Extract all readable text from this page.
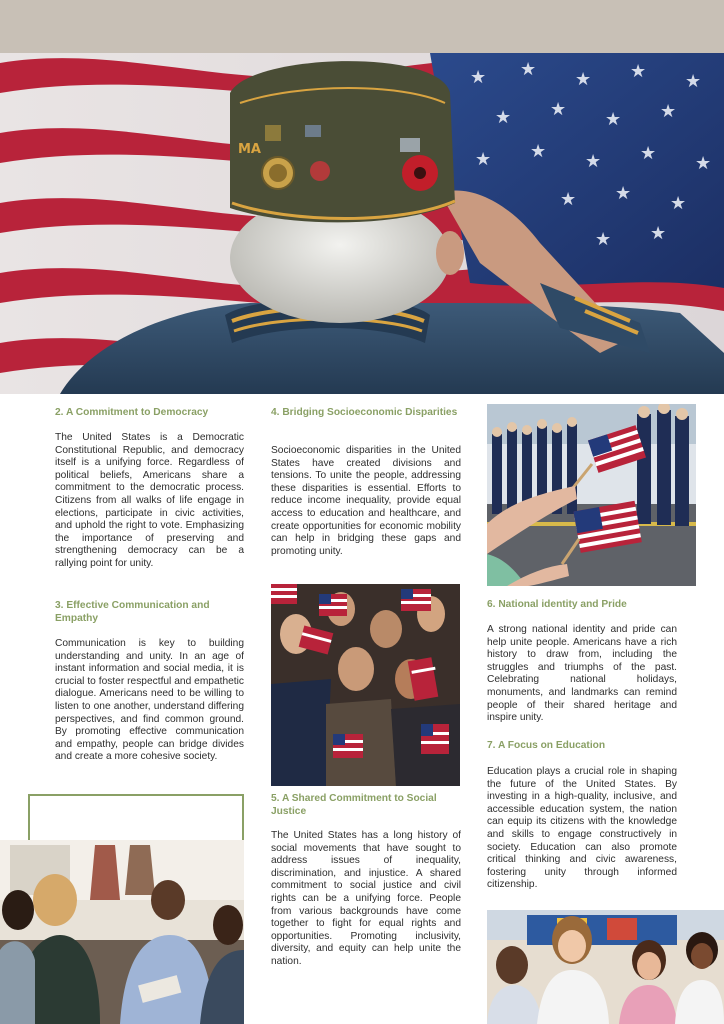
★ ★ ★ ★ ★
★ ★ ★ ★
★ ★ ★ ★ ★
★ ★ ★
★ ★
MA
2. A Commitment to Democracy

The United States is a Democratic Constitutional Republic, and democracy itself is a unifying force. Regardless of political beliefs, Americans share a commitment to the democratic process. Citizens from all walks of life engage in elections, participate in civic activities, and uphold the right to vote. Emphasizing the importance of preserving and strengthening democracy can be a rallying point for unity.

3. Effective Communication and Empathy

Communication is key to building understanding and unity. In an age of instant information and social media, it is crucial to foster respectful and empathetic dialogue. Americans need to be willing to listen to one another, understand differing perspectives, and find common ground. By promoting effective communication and empathy, people can bridge divides and create a more cohesive society.

4. Bridging Socioeconomic Disparities

Socioeconomic disparities in the United States have created divisions and tensions. To unite the people, addressing these disparities is essential. Efforts to reduce income inequality, provide equal access to education and healthcare, and create opportunities for economic mobility can help in bridging these gaps and promoting unity.

5. A Shared Commitment to Social Justice

The United States has a long history of social movements that have sought to address issues of inequality, discrimination, and injustice. A shared commitment to social justice and civil rights can be a unifying force. People from various backgrounds have come together to fight for equal rights and opportunities. Promoting inclusivity, diversity, and equity can help unite the nation.

6. National identity and Pride

A strong national identity and pride can help unite people. Americans have a rich history to draw from, including the struggles and triumphs of the past. Celebrating national holidays, monuments, and landmarks can remind people of their shared heritage and inspire unity.

7. A Focus on Education

Education plays a crucial role in shaping the future of the United States. By investing in a high-quality, inclusive, and accessible education system, the nation can equip its citizens with the knowledge and skills to engage constructively in society. Education can also promote critical thinking and civic awareness, fostering unity through informed citizenship.
